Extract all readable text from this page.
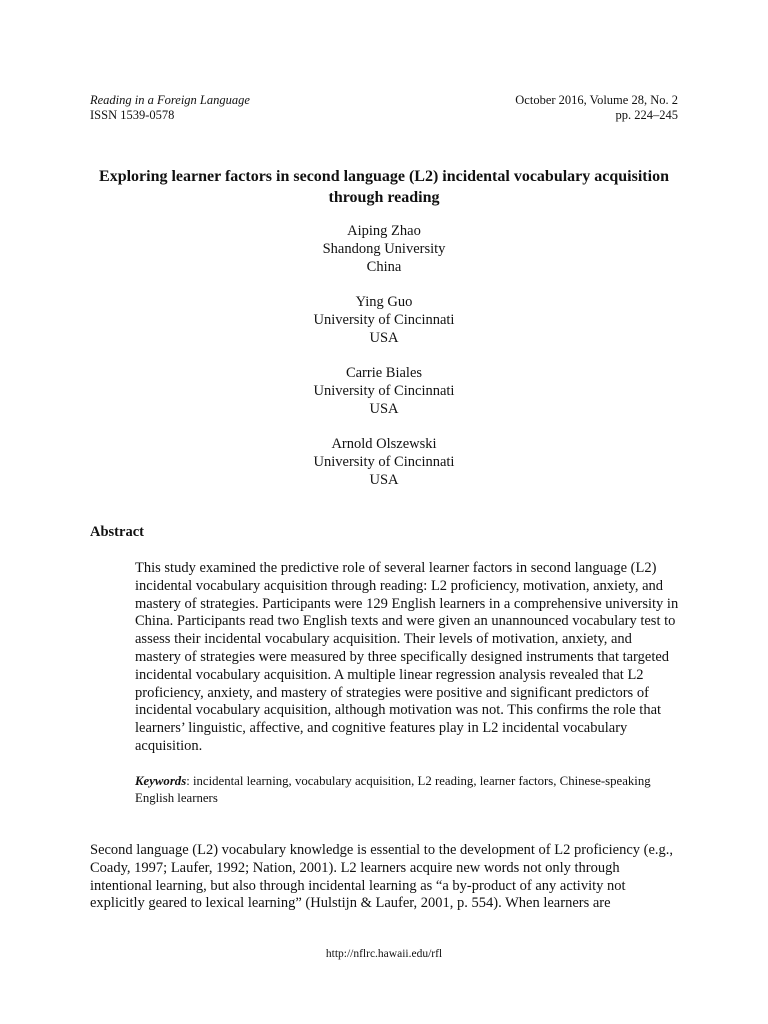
Reading in a Foreign Language
ISSN 1539-0578
October 2016, Volume 28, No. 2
pp. 224–245
Exploring learner factors in second language (L2) incidental vocabulary acquisition through reading
Aiping Zhao
Shandong University
China
Ying Guo
University of Cincinnati
USA
Carrie Biales
University of Cincinnati
USA
Arnold Olszewski
University of Cincinnati
USA
Abstract

This study examined the predictive role of several learner factors in second language (L2) incidental vocabulary acquisition through reading: L2 proficiency, motivation, anxiety, and mastery of strategies. Participants were 129 English learners in a comprehensive university in China. Participants read two English texts and were given an unannounced vocabulary test to assess their incidental vocabulary acquisition. Their levels of motivation, anxiety, and mastery of strategies were measured by three specifically designed instruments that targeted incidental vocabulary acquisition. A multiple linear regression analysis revealed that L2 proficiency, anxiety, and mastery of strategies were positive and significant predictors of incidental vocabulary acquisition, although motivation was not. This confirms the role that learners’ linguistic, affective, and cognitive features play in L2 incidental vocabulary acquisition.

Keywords: incidental learning, vocabulary acquisition, L2 reading, learner factors, Chinese-speaking English learners

Second language (L2) vocabulary knowledge is essential to the development of L2 proficiency (e.g., Coady, 1997; Laufer, 1992; Nation, 2001). L2 learners acquire new words not only through intentional learning, but also through incidental learning as “a by-product of any activity not explicitly geared to lexical learning” (Hulstijn & Laufer, 2001, p. 554). When learners are

http://nflrc.hawaii.edu/rfl
